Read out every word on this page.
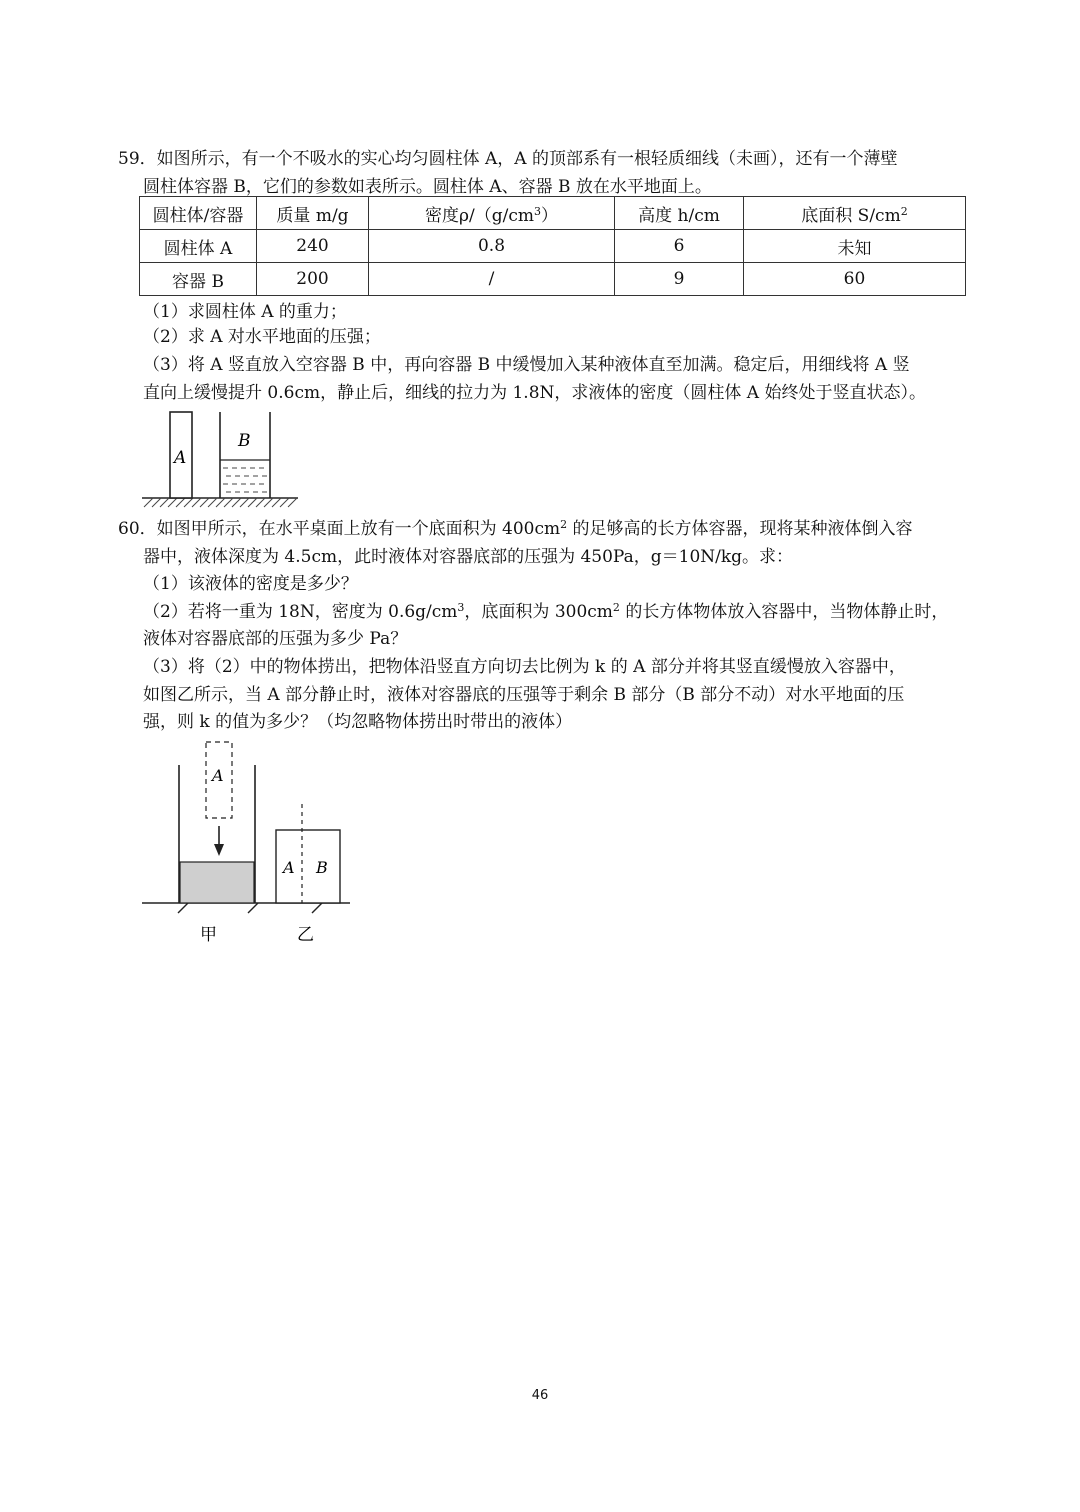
59．如图所示，有一个不吸水的实心均匀圆柱体 A，A 的顶部系有一根轻质细线（未画），还有一个薄壁
圆柱体容器 B，它们的参数如表所示。圆柱体 A、容器 B 放在水平地面上。
圆柱体/容器	质量 m/g	密度$\rho/(g/cm^3)$	高度 h/cm	底面积 $S/cm^2$
圆柱体 A	240	0.8	6	未知
容器 B	200	/	9	60
（1）求圆柱体 A 的重力；
（2）求 A 对水平地面的压强；
（3）将 A 竖直放入空容器 B 中，再向容器 B 中缓慢加入某种液体直至加满。稳定后，用细线将 A 竖
直向上缓慢提升 0.6cm，静止后，细线的拉力为 1.8N，求液体的密度（圆柱体 A 始终处于竖直状态）。
A
B
60．如图甲所示，在水平桌面上放有一个底面积为 $400cm^2$ 的足够高的长方体容器，现将某种液体倒入容
器中，液体深度为 4.5cm，此时液体对容器底部的压强为 450Pa，g＝10N/kg。求：
（1）该液体的密度是多少？
（2）若将一重为 18N，密度为 $0.6g/cm^3$，底面积为 $300cm^2$ 的长方体物体放入容器中，当物体静止时，
液体对容器底部的压强为多少 Pa？
（3）将（2）中的物体捞出，把物体沿竖直方向切去比例为 k 的 A 部分并将其竖直缓慢放入容器中，
如图乙所示，当 A 部分静止时，液体对容器底的压强等于剩余 B 部分（B 部分不动）对水平地面的压
强，则 k 的值为多少？（均忽略物体捞出时带出的液体）
A
A B
甲	乙
46
